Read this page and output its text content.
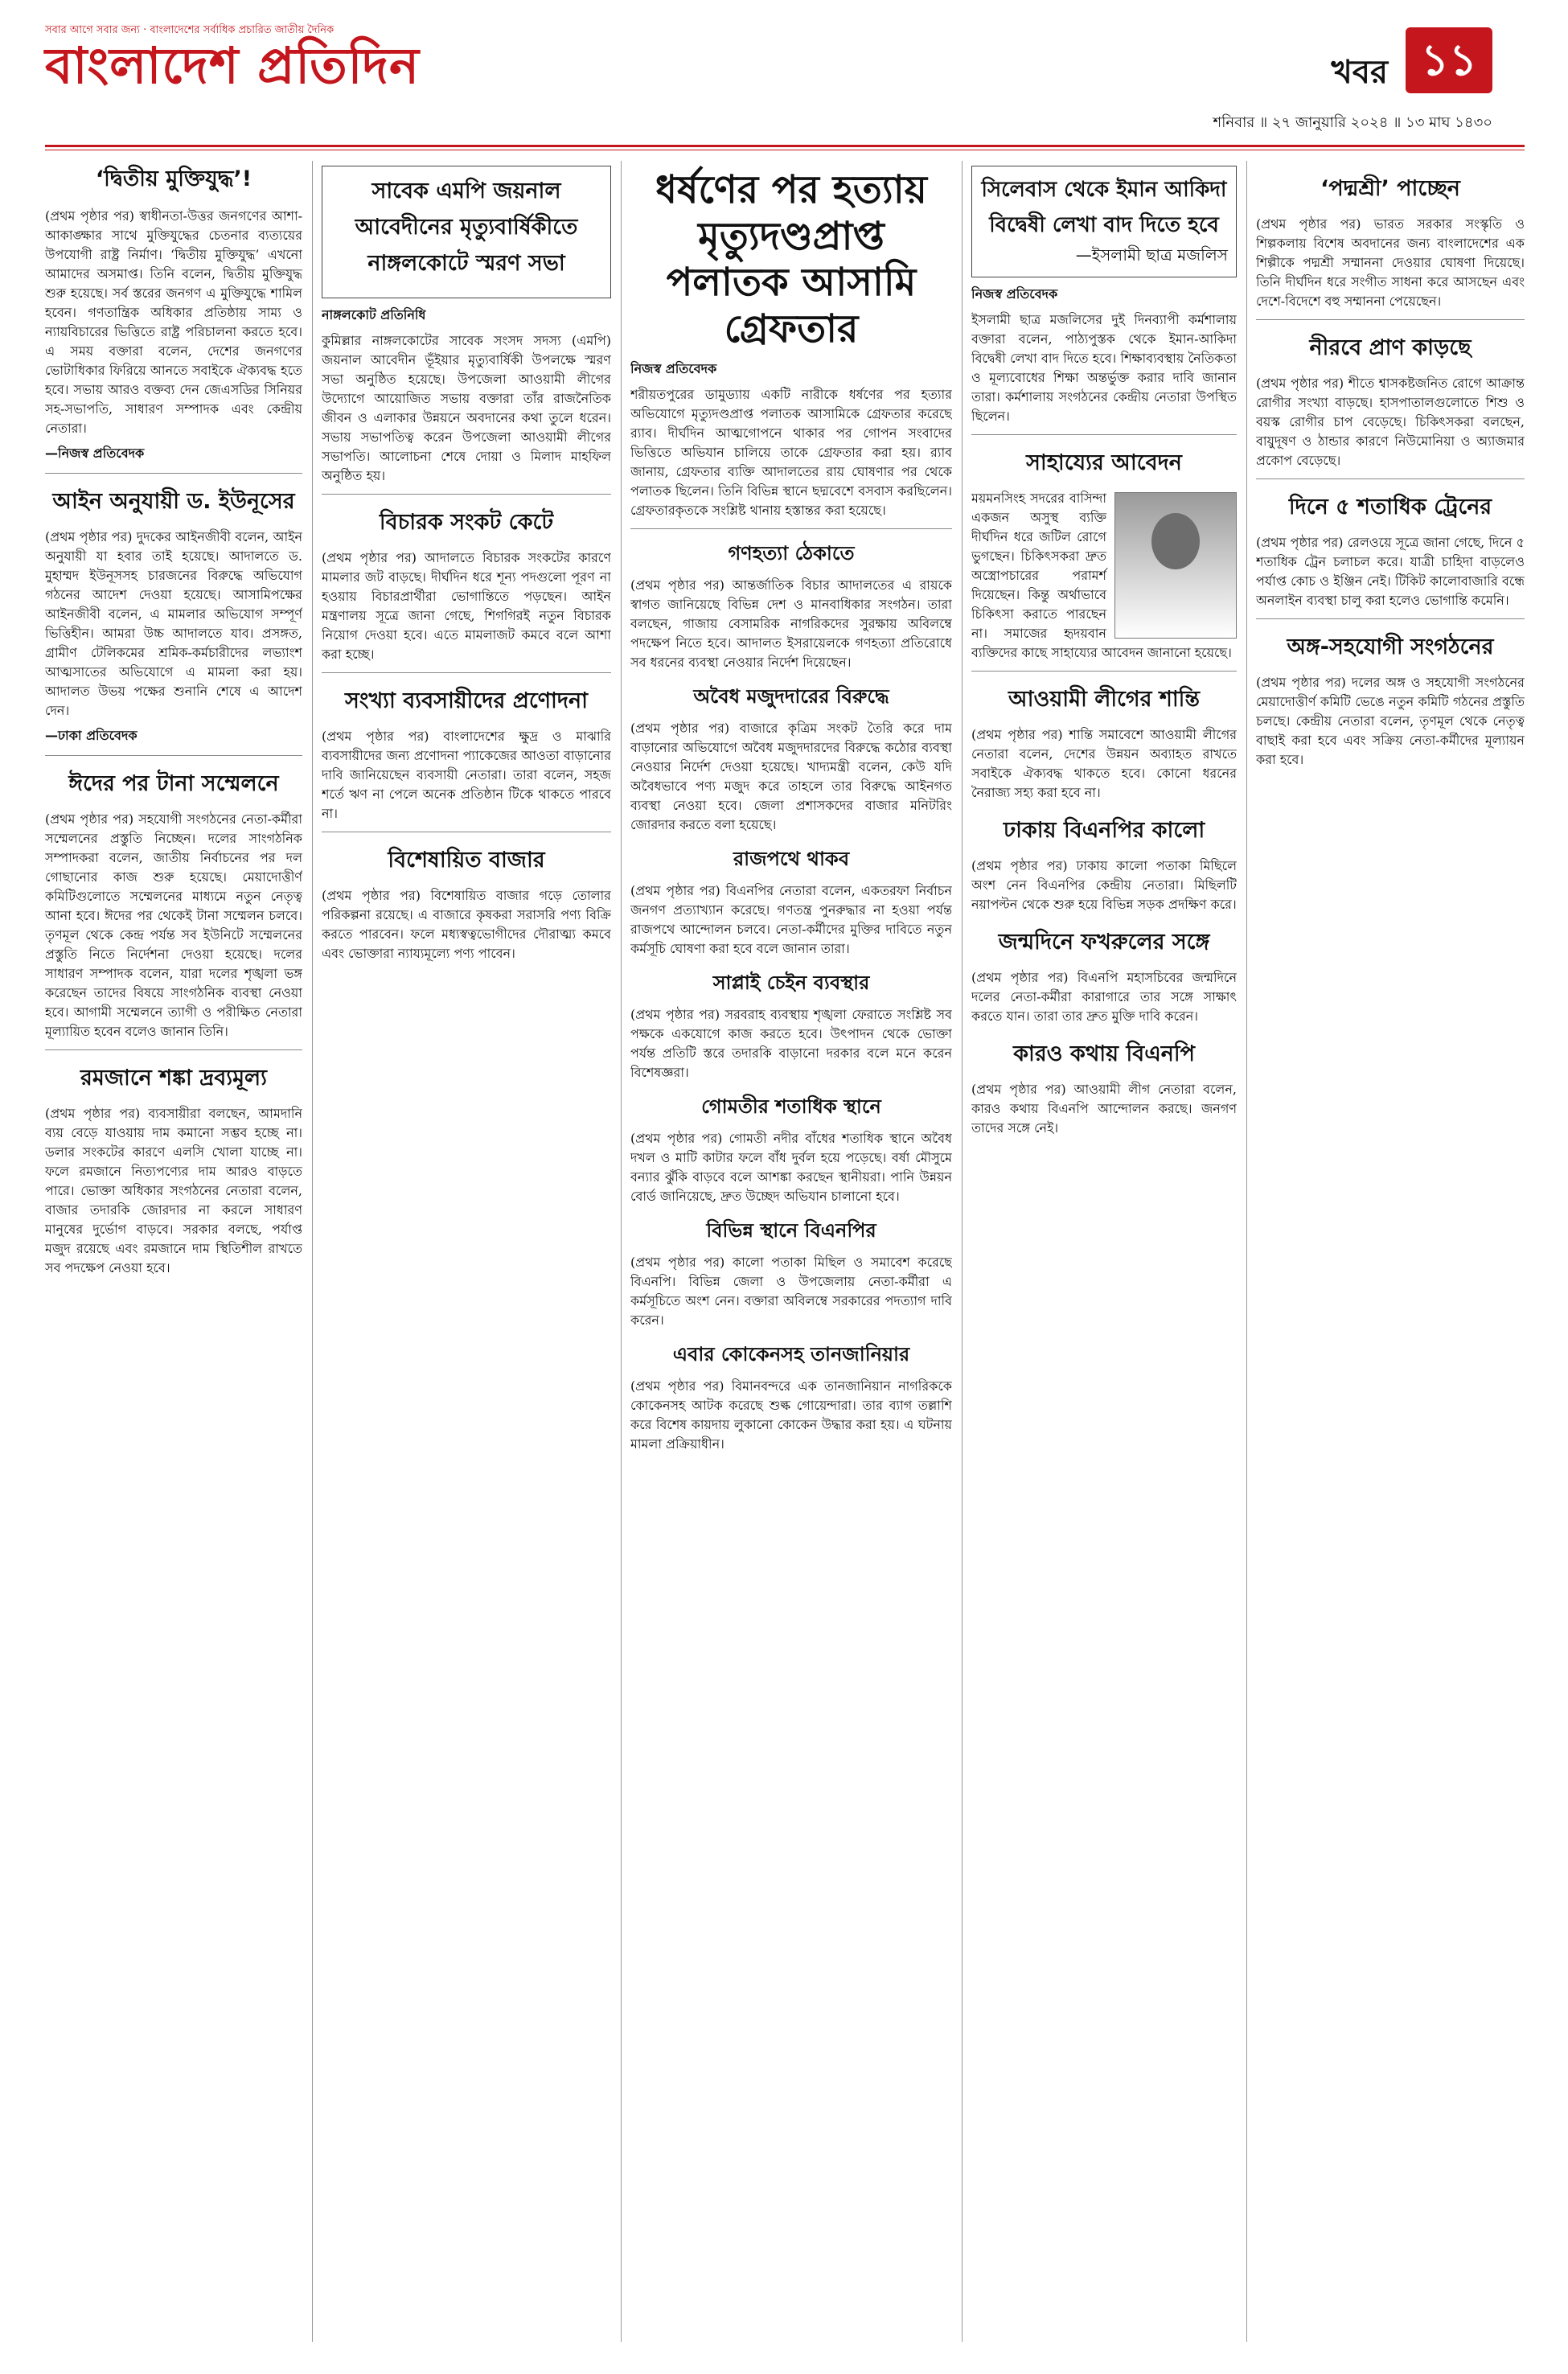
সবার আগে সবার জন্য · বাংলাদেশের সর্বাধিক প্রচারিত জাতীয় দৈনিক
বাংলাদেশ প্রতিদিন	খবর ১১
শনিবার ॥ ২৭ জানুয়ারি ২০২৪ ॥ ১৩ মাঘ ১৪৩০
‘দ্বিতীয় মুক্তিযুদ্ধ’!

(প্রথম পৃষ্ঠার পর) স্বাধীনতা-উত্তর জনগণের আশা-আকাঙ্ক্ষার সাথে মুক্তিযুদ্ধের চেতনার ব্যত্যয়ের উপযোগী রাষ্ট্র নির্মাণ। ‘দ্বিতীয় মুক্তিযুদ্ধ’ এখনো আমাদের অসমাপ্ত। তিনি বলেন, দ্বিতীয় মুক্তিযুদ্ধ শুরু হয়েছে। সর্ব স্তরের জনগণ এ মুক্তিযুদ্ধে শামিল হবেন। গণতান্ত্রিক অধিকার প্রতিষ্ঠায় সাম্য ও ন্যায়বিচারের ভিত্তিতে রাষ্ট্র পরিচালনা করতে হবে। এ সময় বক্তারা বলেন, দেশের জনগণের ভোটাধিকার ফিরিয়ে আনতে সবাইকে ঐক্যবদ্ধ হতে হবে। সভায় আরও বক্তব্য দেন জেএসডির সিনিয়র সহ-সভাপতি, সাধারণ সম্পাদক এবং কেন্দ্রীয় নেতারা।

—নিজস্ব প্রতিবেদক
আইন অনুযায়ী ড. ইউনূসের

(প্রথম পৃষ্ঠার পর) দুদকের আইনজীবী বলেন, আইন অনুযায়ী যা হবার তাই হয়েছে। আদালতে ড. মুহাম্মদ ইউনূসসহ চারজনের বিরুদ্ধে অভিযোগ গঠনের আদেশ দেওয়া হয়েছে। আসামিপক্ষের আইনজীবী বলেন, এ মামলার অভিযোগ সম্পূর্ণ ভিত্তিহীন। আমরা উচ্চ আদালতে যাব। প্রসঙ্গত, গ্রামীণ টেলিকমের শ্রমিক-কর্মচারীদের লভ্যাংশ আত্মসাতের অভিযোগে এ মামলা করা হয়। আদালত উভয় পক্ষের শুনানি শেষে এ আদেশ দেন।

—ঢাকা প্রতিবেদক
ঈদের পর টানা সম্মেলনে

(প্রথম পৃষ্ঠার পর) সহযোগী সংগঠনের নেতা-কর্মীরা সম্মেলনের প্রস্তুতি নিচ্ছেন। দলের সাংগঠনিক সম্পাদকরা বলেন, জাতীয় নির্বাচনের পর দল গোছানোর কাজ শুরু হয়েছে। মেয়াদোত্তীর্ণ কমিটিগুলোতে সম্মেলনের মাধ্যমে নতুন নেতৃত্ব আনা হবে। ঈদের পর থেকেই টানা সম্মেলন চলবে। তৃণমূল থেকে কেন্দ্র পর্যন্ত সব ইউনিটে সম্মেলনের প্রস্তুতি নিতে নির্দেশনা দেওয়া হয়েছে। দলের সাধারণ সম্পাদক বলেন, যারা দলের শৃঙ্খলা ভঙ্গ করেছেন তাদের বিষয়ে সাংগঠনিক ব্যবস্থা নেওয়া হবে। আগামী সম্মেলনে ত্যাগী ও পরীক্ষিত নেতারা মূল্যায়িত হবেন বলেও জানান তিনি।

রমজানে শঙ্কা দ্রব্যমূল্য

(প্রথম পৃষ্ঠার পর) ব্যবসায়ীরা বলছেন, আমদানি ব্যয় বেড়ে যাওয়ায় দাম কমানো সম্ভব হচ্ছে না। ডলার সংকটের কারণে এলসি খোলা যাচ্ছে না। ফলে রমজানে নিত্যপণ্যের দাম আরও বাড়তে পারে। ভোক্তা অধিকার সংগঠনের নেতারা বলেন, বাজার তদারকি জোরদার না করলে সাধারণ মানুষের দুর্ভোগ বাড়বে। সরকার বলছে, পর্যাপ্ত মজুদ রয়েছে এবং রমজানে দাম স্থিতিশীল রাখতে সব পদক্ষেপ নেওয়া হবে।

সাবেক এমপি জয়নাল আবেদীনের মৃত্যুবার্ষিকীতে নাঙ্গলকোটে স্মরণ সভা
নাঙ্গলকোট প্রতিনিধি

কুমিল্লার নাঙ্গলকোটের সাবেক সংসদ সদস্য (এমপি) জয়নাল আবেদীন ভূঁইয়ার মৃত্যুবার্ষিকী উপলক্ষে স্মরণ সভা অনুষ্ঠিত হয়েছে। উপজেলা আওয়ামী লীগের উদ্যোগে আয়োজিত সভায় বক্তারা তাঁর রাজনৈতিক জীবন ও এলাকার উন্নয়নে অবদানের কথা তুলে ধরেন। সভায় সভাপতিত্ব করেন উপজেলা আওয়ামী লীগের সভাপতি। আলোচনা শেষে দোয়া ও মিলাদ মাহফিল অনুষ্ঠিত হয়।

বিচারক সংকট কেটে

(প্রথম পৃষ্ঠার পর) আদালতে বিচারক সংকটের কারণে মামলার জট বাড়ছে। দীর্ঘদিন ধরে শূন্য পদগুলো পূরণ না হওয়ায় বিচারপ্রার্থীরা ভোগান্তিতে পড়ছেন। আইন মন্ত্রণালয় সূত্রে জানা গেছে, শিগগিরই নতুন বিচারক নিয়োগ দেওয়া হবে। এতে মামলাজট কমবে বলে আশা করা হচ্ছে।

সংখ্যা ব্যবসায়ীদের প্রণোদনা

(প্রথম পৃষ্ঠার পর) বাংলাদেশের ক্ষুদ্র ও মাঝারি ব্যবসায়ীদের জন্য প্রণোদনা প্যাকেজের আওতা বাড়ানোর দাবি জানিয়েছেন ব্যবসায়ী নেতারা। তারা বলেন, সহজ শর্তে ঋণ না পেলে অনেক প্রতিষ্ঠান টিকে থাকতে পারবে না।

বিশেষায়িত বাজার

(প্রথম পৃষ্ঠার পর) বিশেষায়িত বাজার গড়ে তোলার পরিকল্পনা রয়েছে। এ বাজারে কৃষকরা সরাসরি পণ্য বিক্রি করতে পারবেন। ফলে মধ্যস্বত্বভোগীদের দৌরাত্ম্য কমবে এবং ভোক্তারা ন্যায্যমূল্যে পণ্য পাবেন।

ধর্ষণের পর হত্যায় মৃত্যুদণ্ডপ্রাপ্ত পলাতক আসামি গ্রেফতার
নিজস্ব প্রতিবেদক

শরীয়তপুরের ডামুড্যায় একটি নারীকে ধর্ষণের পর হত্যার অভিযোগে মৃত্যুদণ্ডপ্রাপ্ত পলাতক আসামিকে গ্রেফতার করেছে র‌্যাব। দীর্ঘদিন আত্মগোপনে থাকার পর গোপন সংবাদের ভিত্তিতে অভিযান চালিয়ে তাকে গ্রেফতার করা হয়। র‌্যাব জানায়, গ্রেফতার ব্যক্তি আদালতের রায় ঘোষণার পর থেকে পলাতক ছিলেন। তিনি বিভিন্ন স্থানে ছদ্মবেশে বসবাস করছিলেন। গ্রেফতারকৃতকে সংশ্লিষ্ট থানায় হস্তান্তর করা হয়েছে।

গণহত্যা ঠেকাতে

(প্রথম পৃষ্ঠার পর) আন্তর্জাতিক বিচার আদালতের এ রায়কে স্বাগত জানিয়েছে বিভিন্ন দেশ ও মানবাধিকার সংগঠন। তারা বলছেন, গাজায় বেসামরিক নাগরিকদের সুরক্ষায় অবিলম্বে পদক্ষেপ নিতে হবে। আদালত ইসরায়েলকে গণহত্যা প্রতিরোধে সব ধরনের ব্যবস্থা নেওয়ার নির্দেশ দিয়েছেন।

অবৈধ মজুদদারের বিরুদ্ধে

(প্রথম পৃষ্ঠার পর) বাজারে কৃত্রিম সংকট তৈরি করে দাম বাড়ানোর অভিযোগে অবৈধ মজুদদারদের বিরুদ্ধে কঠোর ব্যবস্থা নেওয়ার নির্দেশ দেওয়া হয়েছে। খাদ্যমন্ত্রী বলেন, কেউ যদি অবৈধভাবে পণ্য মজুদ করে তাহলে তার বিরুদ্ধে আইনগত ব্যবস্থা নেওয়া হবে। জেলা প্রশাসকদের বাজার মনিটরিং জোরদার করতে বলা হয়েছে।

রাজপথে থাকব

(প্রথম পৃষ্ঠার পর) বিএনপির নেতারা বলেন, একতরফা নির্বাচন জনগণ প্রত্যাখ্যান করেছে। গণতন্ত্র পুনরুদ্ধার না হওয়া পর্যন্ত রাজপথে আন্দোলন চলবে। নেতা-কর্মীদের মুক্তির দাবিতে নতুন কর্মসূচি ঘোষণা করা হবে বলে জানান তারা।

সাপ্লাই চেইন ব্যবস্থার

(প্রথম পৃষ্ঠার পর) সরবরাহ ব্যবস্থায় শৃঙ্খলা ফেরাতে সংশ্লিষ্ট সব পক্ষকে একযোগে কাজ করতে হবে। উৎপাদন থেকে ভোক্তা পর্যন্ত প্রতিটি স্তরে তদারকি বাড়ানো দরকার বলে মনে করেন বিশেষজ্ঞরা।

গোমতীর শতাধিক স্থানে

(প্রথম পৃষ্ঠার পর) গোমতী নদীর বাঁধের শতাধিক স্থানে অবৈধ দখল ও মাটি কাটার ফলে বাঁধ দুর্বল হয়ে পড়েছে। বর্ষা মৌসুমে বন্যার ঝুঁকি বাড়বে বলে আশঙ্কা করছেন স্থানীয়রা। পানি উন্নয়ন বোর্ড জানিয়েছে, দ্রুত উচ্ছেদ অভিযান চালানো হবে।

বিভিন্ন স্থানে বিএনপির

(প্রথম পৃষ্ঠার পর) কালো পতাকা মিছিল ও সমাবেশ করেছে বিএনপি। বিভিন্ন জেলা ও উপজেলায় নেতা-কর্মীরা এ কর্মসূচিতে অংশ নেন। বক্তারা অবিলম্বে সরকারের পদত্যাগ দাবি করেন।

এবার কোকেনসহ তানজানিয়ার

(প্রথম পৃষ্ঠার পর) বিমানবন্দরে এক তানজানিয়ান নাগরিককে কোকেনসহ আটক করেছে শুল্ক গোয়েন্দারা। তার ব্যাগ তল্লাশি করে বিশেষ কায়দায় লুকানো কোকেন উদ্ধার করা হয়। এ ঘটনায় মামলা প্রক্রিয়াধীন।

সিলেবাস থেকে ইমান আকিদা বিদ্বেষী লেখা বাদ দিতে হবে
—ইসলামী ছাত্র মজলিস
নিজস্ব প্রতিবেদক

ইসলামী ছাত্র মজলিসের দুই দিনব্যাপী কর্মশালায় বক্তারা বলেন, পাঠ্যপুস্তক থেকে ইমান-আকিদা বিদ্বেষী লেখা বাদ দিতে হবে। শিক্ষাব্যবস্থায় নৈতিকতা ও মূল্যবোধের শিক্ষা অন্তর্ভুক্ত করার দাবি জানান তারা। কর্মশালায় সংগঠনের কেন্দ্রীয় নেতারা উপস্থিত ছিলেন।

সাহায্যের আবেদন

ময়মনসিংহ সদরের বাসিন্দা একজন অসুস্থ ব্যক্তি দীর্ঘদিন ধরে জটিল রোগে ভুগছেন। চিকিৎসকরা দ্রুত অস্ত্রোপচারের পরামর্শ দিয়েছেন। কিন্তু অর্থাভাবে চিকিৎসা করাতে পারছেন না। সমাজের হৃদয়বান ব্যক্তিদের কাছে সাহায্যের আবেদন জানানো হয়েছে।

আওয়ামী লীগের শান্তি

(প্রথম পৃষ্ঠার পর) শান্তি সমাবেশে আওয়ামী লীগের নেতারা বলেন, দেশের উন্নয়ন অব্যাহত রাখতে সবাইকে ঐক্যবদ্ধ থাকতে হবে। কোনো ধরনের নৈরাজ্য সহ্য করা হবে না।

ঢাকায় বিএনপির কালো

(প্রথম পৃষ্ঠার পর) ঢাকায় কালো পতাকা মিছিলে অংশ নেন বিএনপির কেন্দ্রীয় নেতারা। মিছিলটি নয়াপল্টন থেকে শুরু হয়ে বিভিন্ন সড়ক প্রদক্ষিণ করে।

জন্মদিনে ফখরুলের সঙ্গে

(প্রথম পৃষ্ঠার পর) বিএনপি মহাসচিবের জন্মদিনে দলের নেতা-কর্মীরা কারাগারে তার সঙ্গে সাক্ষাৎ করতে যান। তারা তার দ্রুত মুক্তি দাবি করেন।

কারও কথায় বিএনপি

(প্রথম পৃষ্ঠার পর) আওয়ামী লীগ নেতারা বলেন, কারও কথায় বিএনপি আন্দোলন করছে। জনগণ তাদের সঙ্গে নেই।

‘পদ্মশ্রী’ পাচ্ছেন

(প্রথম পৃষ্ঠার পর) ভারত সরকার সংস্কৃতি ও শিল্পকলায় বিশেষ অবদানের জন্য বাংলাদেশের এক শিল্পীকে পদ্মশ্রী সম্মাননা দেওয়ার ঘোষণা দিয়েছে। তিনি দীর্ঘদিন ধরে সংগীত সাধনা করে আসছেন এবং দেশে-বিদেশে বহু সম্মাননা পেয়েছেন।

নীরবে প্রাণ কাড়ছে

(প্রথম পৃষ্ঠার পর) শীতে শ্বাসকষ্টজনিত রোগে আক্রান্ত রোগীর সংখ্যা বাড়ছে। হাসপাতালগুলোতে শিশু ও বয়স্ক রোগীর চাপ বেড়েছে। চিকিৎসকরা বলছেন, বায়ুদূষণ ও ঠান্ডার কারণে নিউমোনিয়া ও অ্যাজমার প্রকোপ বেড়েছে।

দিনে ৫ শতাধিক ট্রেনের

(প্রথম পৃষ্ঠার পর) রেলওয়ে সূত্রে জানা গেছে, দিনে ৫ শতাধিক ট্রেন চলাচল করে। যাত্রী চাহিদা বাড়লেও পর্যাপ্ত কোচ ও ইঞ্জিন নেই। টিকিট কালোবাজারি বন্ধে অনলাইন ব্যবস্থা চালু করা হলেও ভোগান্তি কমেনি।

অঙ্গ-সহযোগী সংগঠনের

(প্রথম পৃষ্ঠার পর) দলের অঙ্গ ও সহযোগী সংগঠনের মেয়াদোত্তীর্ণ কমিটি ভেঙে নতুন কমিটি গঠনের প্রস্তুতি চলছে। কেন্দ্রীয় নেতারা বলেন, তৃণমূল থেকে নেতৃত্ব বাছাই করা হবে এবং সক্রিয় নেতা-কর্মীদের মূল্যায়ন করা হবে।
